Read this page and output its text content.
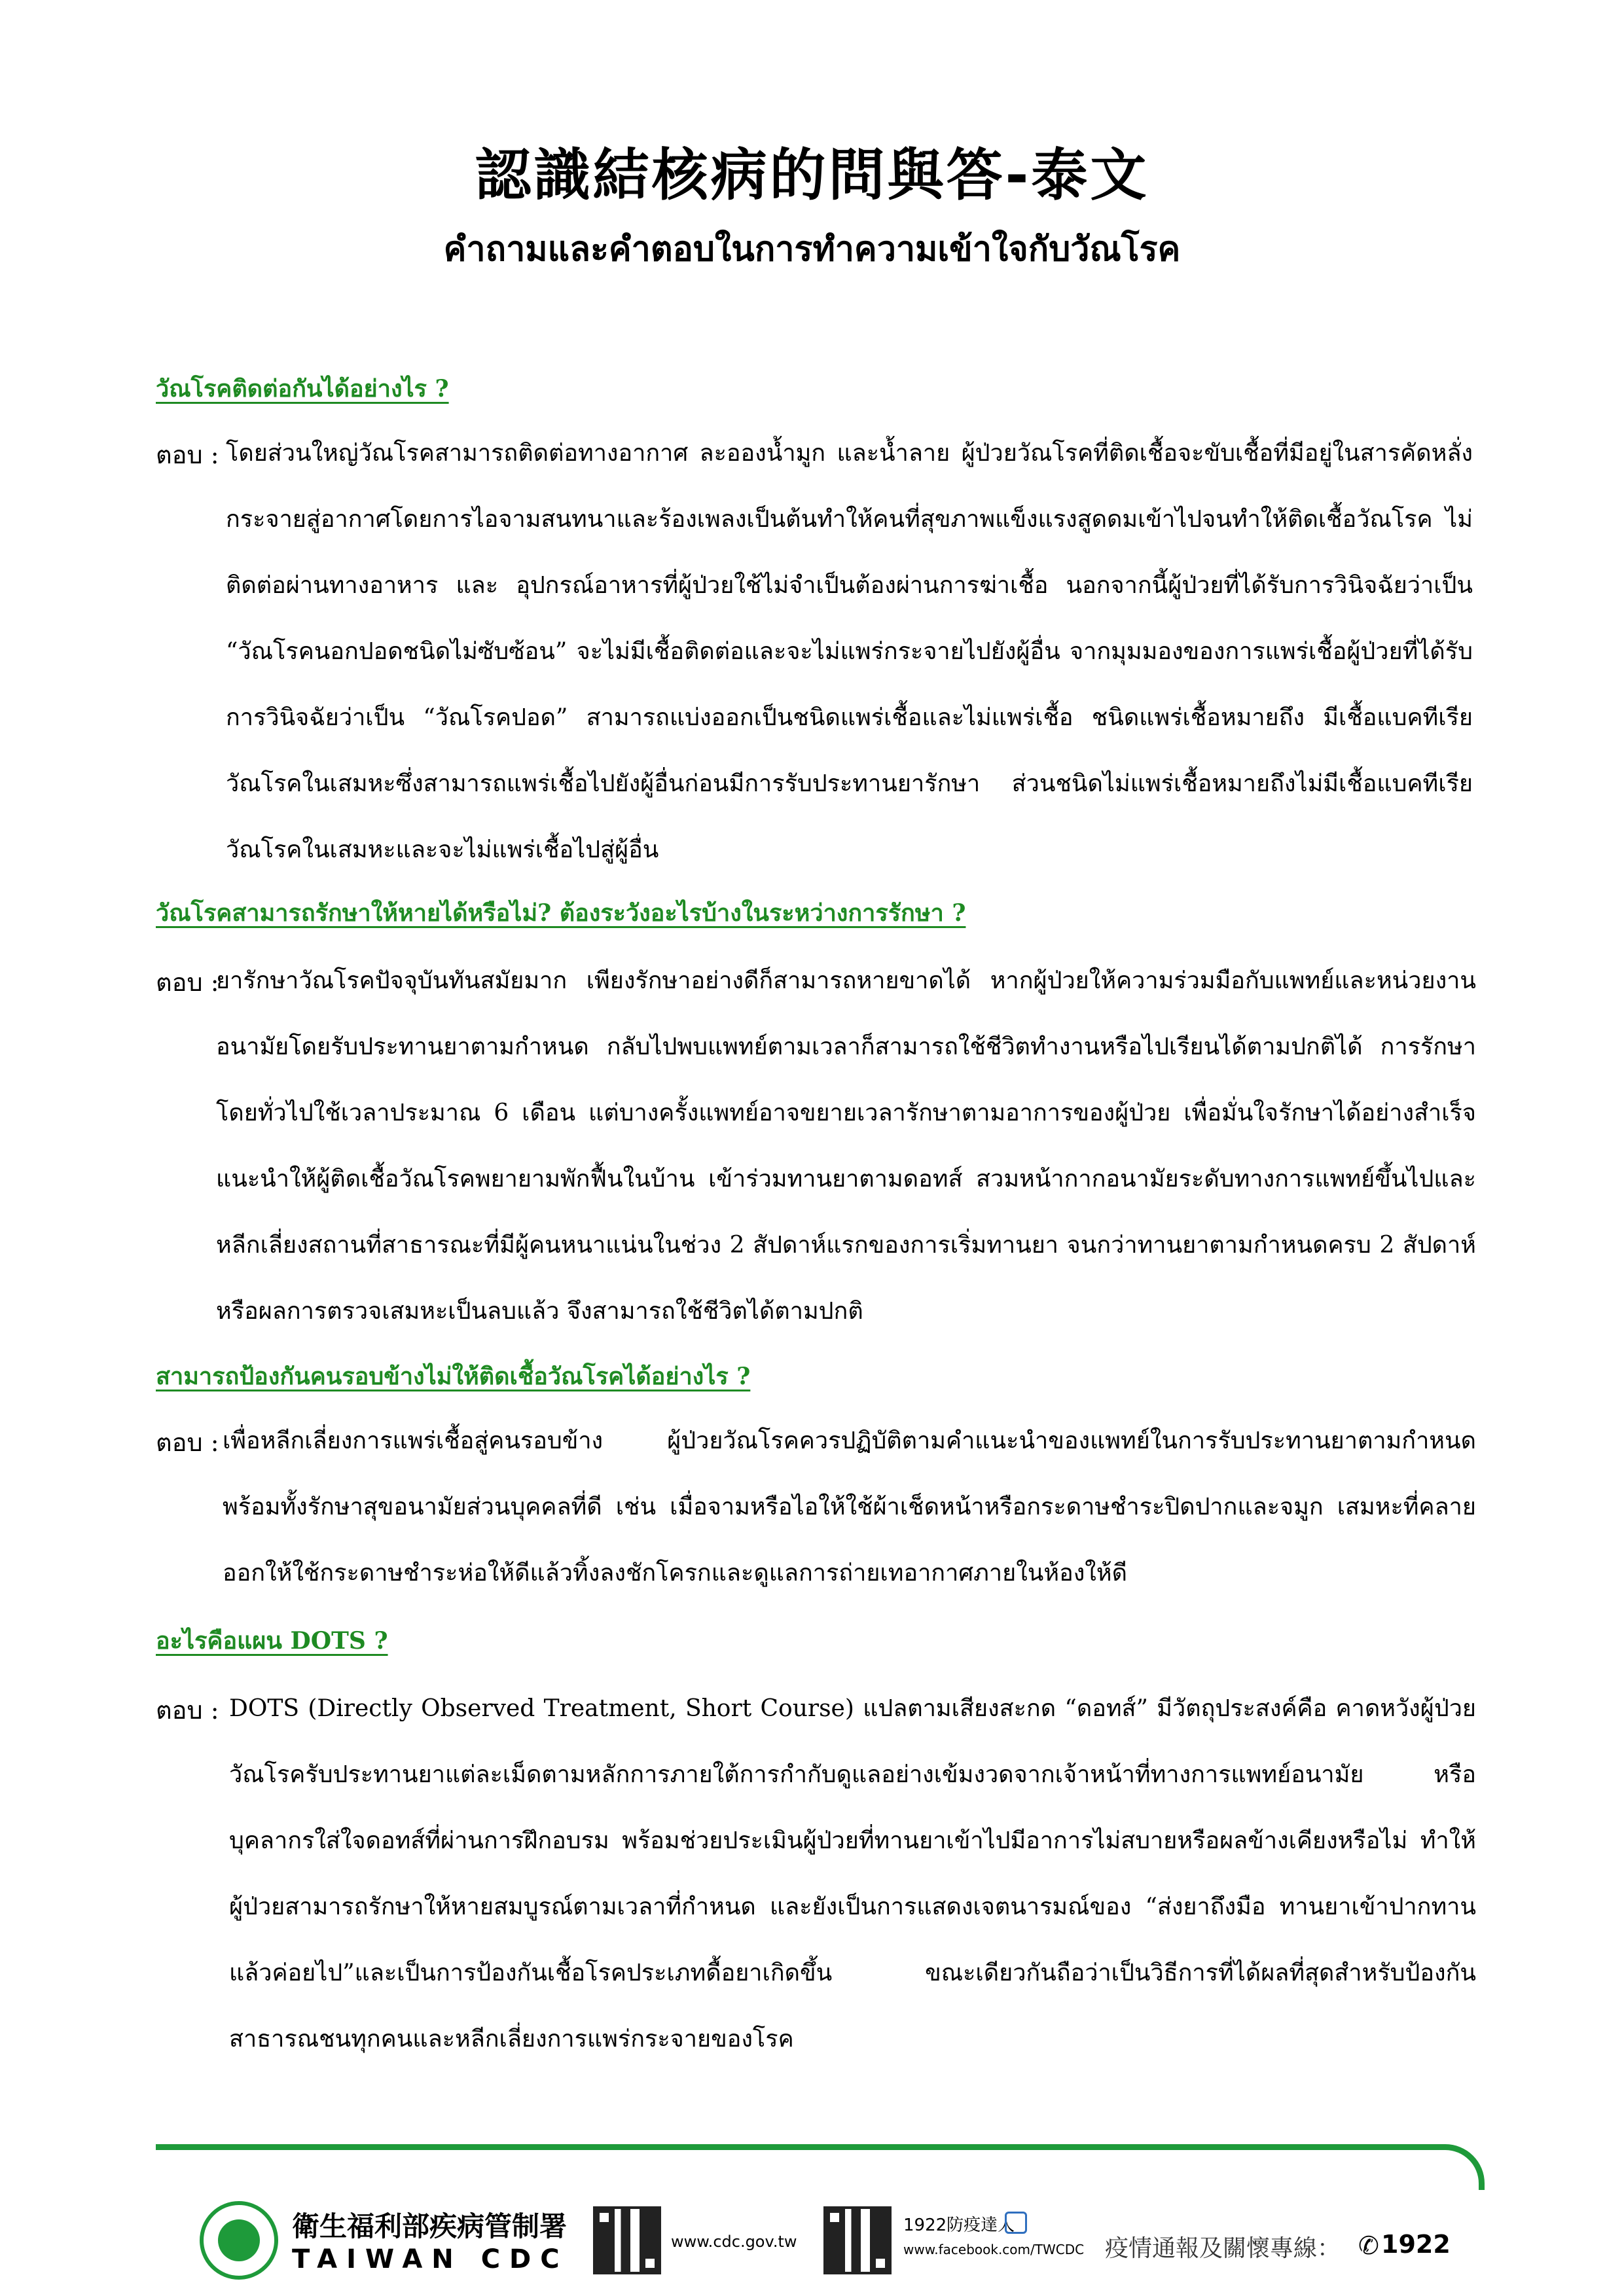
認識結核病的問與答-泰文
คำถามและคำตอบในการทำความเข้าใจกับวัณโรค
วัณโรคติดต่อกันได้อย่างไร ?
ตอบ : โดยส่วนใหญ่วัณโรคสามารถติดต่อทางอากาศ ละอองน้ำมูก และน้ำลาย ผู้ป่วยวัณโรคที่ติดเชื้อจะขับเชื้อที่มีอยู่ในสารคัดหลั่งกระจายสู่อากาศโดยการไอจามสนทนาและร้องเพลงเป็นต้นทำให้คนที่สุขภาพแข็งแรงสูดดมเข้าไปจนทำให้ติดเชื้อวัณโรค ไม่ติดต่อผ่านทางอาหาร และ อุปกรณ์อาหารที่ผู้ป่วยใช้ไม่จำเป็นต้องผ่านการฆ่าเชื้อ นอกจากนี้ผู้ป่วยที่ได้รับการวินิจฉัยว่าเป็น “วัณโรคนอกปอดชนิดไม่ซับซ้อน” จะไม่มีเชื้อติดต่อและจะไม่แพร่กระจายไปยังผู้อื่น จากมุมมองของการแพร่เชื้อผู้ป่วยที่ได้รับการวินิจฉัยว่าเป็น “วัณโรคปอด” สามารถแบ่งออกเป็นชนิดแพร่เชื้อและไม่แพร่เชื้อ ชนิดแพร่เชื้อหมายถึง มีเชื้อแบคทีเรียวัณโรคในเสมหะซึ่งสามารถแพร่เชื้อไปยังผู้อื่นก่อนมีการรับประทานยารักษา ส่วนชนิดไม่แพร่เชื้อหมายถึงไม่มีเชื้อแบคทีเรียวัณโรคในเสมหะและจะไม่แพร่เชื้อไปสู่ผู้อื่น
วัณโรคสามารถรักษาให้หายได้หรือไม่? ต้องระวังอะไรบ้างในระหว่างการรักษา ?
ตอบ :
ยารักษาวัณโรคปัจจุบันทันสมัยมาก เพียงรักษาอย่างดีก็สามารถหายขาดได้ หากผู้ป่วยให้ความร่วมมือกับแพทย์และหน่วยงานอนามัยโดยรับประทานยาตามกำหนด กลับไปพบแพทย์ตามเวลาก็สามารถใช้ชีวิตทำงานหรือไปเรียนได้ตามปกติได้ การรักษาโดยทั่วไปใช้เวลาประมาณ 6 เดือน แต่บางครั้งแพทย์อาจขยายเวลารักษาตามอาการของผู้ป่วย เพื่อมั่นใจรักษาได้อย่างสำเร็จแนะนำให้ผู้ติดเชื้อวัณโรคพยายามพักฟื้นในบ้าน เข้าร่วมทานยาตามดอทส์ สวมหน้ากากอนามัยระดับทางการแพทย์ขึ้นไปและหลีกเลี่ยงสถานที่สาธารณะที่มีผู้คนหนาแน่นในช่วง 2 สัปดาห์แรกของการเริ่มทานยา จนกว่าทานยาตามกำหนดครบ 2 สัปดาห์ หรือผลการตรวจเสมหะเป็นลบแล้ว จึงสามารถใช้ชีวิตได้ตามปกติ
สามารถป้องกันคนรอบข้างไม่ให้ติดเชื้อวัณโรคได้อย่างไร ?
ตอบ : เพื่อหลีกเลี่ยงการแพร่เชื้อสู่คนรอบข้าง ผู้ป่วยวัณโรคควรปฏิบัติตามคำแนะนำของแพทย์ในการรับประทานยาตามกำหนด พร้อมทั้งรักษาสุขอนามัยส่วนบุคคลที่ดี เช่น เมื่อจามหรือไอให้ใช้ผ้าเช็ดหน้าหรือกระดาษชำระปิดปากและจมูก เสมหะที่คลายออกให้ใช้กระดาษชำระห่อให้ดีแล้วทิ้งลงชักโครกและดูแลการถ่ายเทอากาศภายในห้องให้ดี
อะไรคือแผน DOTS ?
ตอบ : DOTS (Directly Observed Treatment, Short Course) แปลตามเสียงสะกด “ดอทส์” มีวัตถุประสงค์คือ คาดหวังผู้ป่วยวัณโรครับประทานยาแต่ละเม็ดตามหลักการภายใต้การกำกับดูแลอย่างเข้มงวดจากเจ้าหน้าที่ทางการแพทย์อนามัย หรือบุคลากรใส่ใจดอทส์ที่ผ่านการฝึกอบรม พร้อมช่วยประเมินผู้ป่วยที่ทานยาเข้าไปมีอาการไม่สบายหรือผลข้างเคียงหรือไม่ ทำให้ผู้ป่วยสามารถรักษาให้หายสมบูรณ์ตามเวลาที่กำหนด และยังเป็นการแสดงเจตนารมณ์ของ “ส่งยาถึงมือ ทานยาเข้าปากทานแล้วค่อยไป”และเป็นการป้องกันเชื้อโรคประเภทดื้อยาเกิดขึ้น ขณะเดียวกันถือว่าเป็นวิธีการที่ได้ผลที่สุดสำหรับป้องกันสาธารณชนทุกคนและหลีกเลี่ยงการแพร่กระจายของโรค
衛生福利部疾病管制署
TAIWAN CDC
www.cdc.gov.tw
1922防疫達人
www.facebook.com/TWCDC 疫情通報及關懷專線： ✆ 1922
